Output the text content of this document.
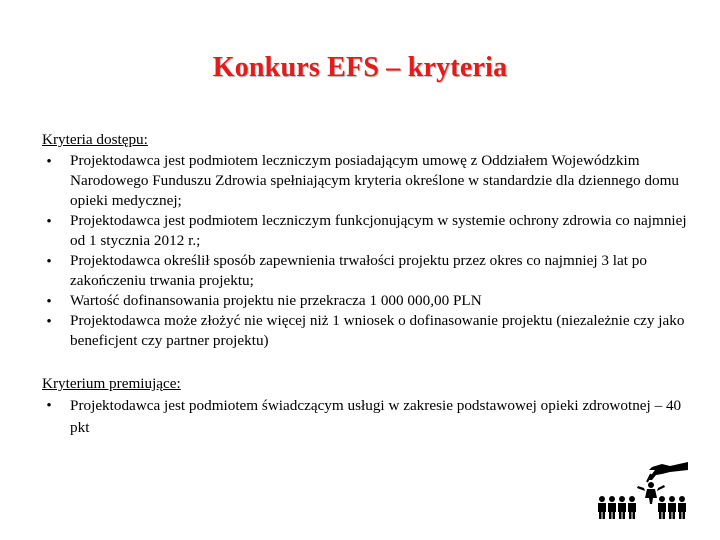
Konkurs EFS – kryteria
Kryteria dostępu:
• Projektodawca jest podmiotem leczniczym posiadającym umowę z Oddziałem Wojewódzkim Narodowego Funduszu Zdrowia spełniającym kryteria określone w standardzie dla dziennego domu opieki medycznej;
• Projektodawca jest podmiotem leczniczym funkcjonującym w systemie ochrony zdrowia co najmniej od 1 stycznia 2012 r.;
• Projektodawca określił sposób zapewnienia trwałości projektu przez okres co najmniej 3 lat po zakończeniu trwania projektu;
• Wartość dofinansowania projektu nie przekracza 1 000 000,00 PLN
• Projektodawca może złożyć nie więcej niż 1 wniosek o dofinasowanie projektu (niezależnie czy jako beneficjent czy partner projektu)
Kryterium premiujące:
• Projektodawca jest podmiotem świadczącym usługi w zakresie podstawowej opieki zdrowotnej – 40 pkt
